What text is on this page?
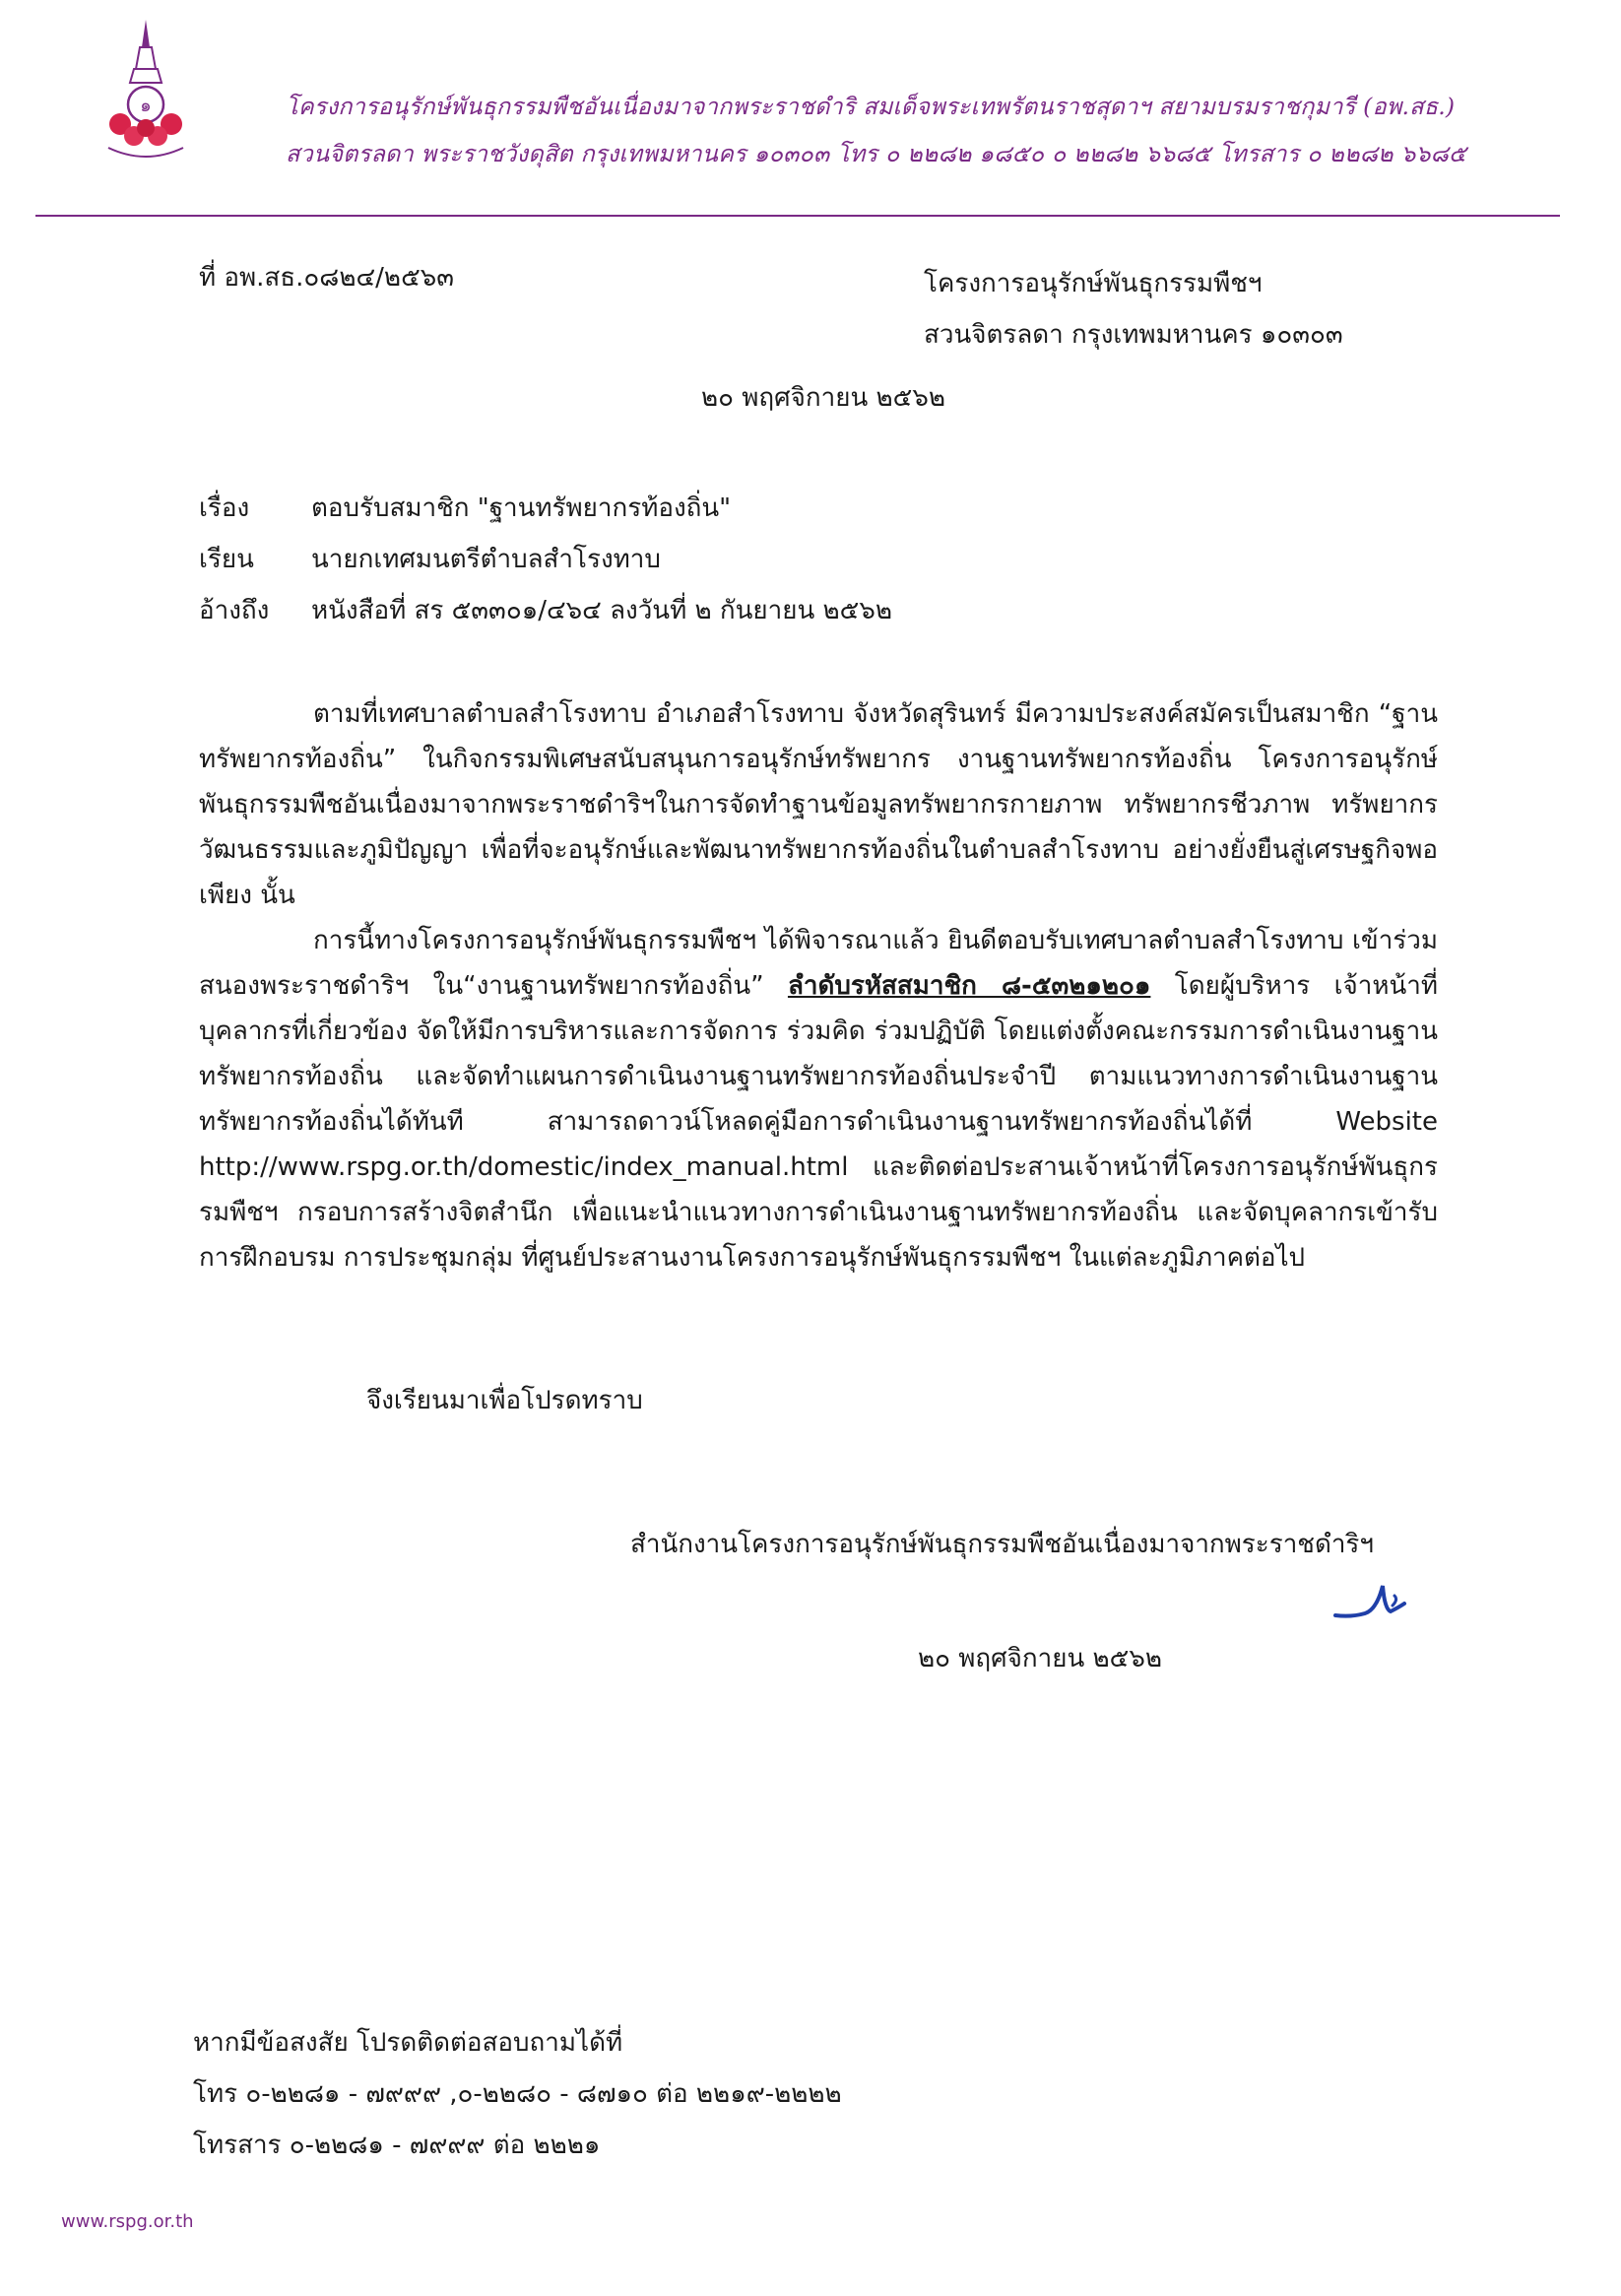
๑	โครงการอนุรักษ์พันธุกรรมพืชอันเนื่องมาจากพระราชดำริ สมเด็จพระเทพรัตนราชสุดาฯ สยามบรมราชกุมารี (อพ.สธ.)
สวนจิตรลดา พระราชวังดุสิต กรุงเทพมหานคร ๑๐๓๐๓ โทร ๐ ๒๒๘๒ ๑๘๕๐ ๐ ๒๒๘๒ ๖๖๘๕ โทรสาร ๐ ๒๒๘๒ ๖๖๘๕
ที่ อพ.สธ.๐๘๒๔/๒๕๖๓	โครงการอนุรักษ์พันธุกรรมพืชฯ
สวนจิตรลดา กรุงเทพมหานคร ๑๐๓๐๓
๒๐ พฤศจิกายน ๒๕๖๒
เรื่อง	ตอบรับสมาชิก "ฐานทรัพยากรท้องถิ่น"
เรียน	นายกเทศมนตรีตำบลสำโรงทาบ
อ้างถึง	หนังสือที่ สร ๕๓๓๐๑/๔๖๔ ลงวันที่ ๒ กันยายน ๒๕๖๒

ตามที่เทศบาลตำบลสำโรงทาบ อำเภอสำโรงทาบ จังหวัดสุรินทร์ มีความประสงค์สมัครเป็นสมาชิก “ฐานทรัพยากรท้องถิ่น” ในกิจกรรมพิเศษสนับสนุนการอนุรักษ์ทรัพยากร งานฐานทรัพยากรท้องถิ่น โครงการอนุรักษ์พันธุกรรมพืชอันเนื่องมาจากพระราชดำริฯในการจัดทำฐานข้อมูลทรัพยากรกายภาพ ทรัพยากรชีวภาพ ทรัพยากรวัฒนธรรมและภูมิปัญญา เพื่อที่จะอนุรักษ์และพัฒนาทรัพยากรท้องถิ่นในตำบลสำโรงทาบ อย่างยั่งยืนสู่เศรษฐกิจพอเพียง นั้น

การนี้ทางโครงการอนุรักษ์พันธุกรรมพืชฯ ได้พิจารณาแล้ว ยินดีตอบรับเทศบาลตำบลสำโรงทาบ เข้าร่วมสนองพระราชดำริฯ ใน“งานฐานทรัพยากรท้องถิ่น” ลำดับรหัสสมาชิก ๘-๕๓๒๑๒๐๑ โดยผู้บริหาร เจ้าหน้าที่ บุคลากรที่เกี่ยวข้อง จัดให้มีการบริหารและการจัดการ ร่วมคิด ร่วมปฏิบัติ โดยแต่งตั้งคณะกรรมการดำเนินงานฐานทรัพยากรท้องถิ่น และจัดทำแผนการดำเนินงานฐานทรัพยากรท้องถิ่นประจำปี ตามแนวทางการดำเนินงานฐานทรัพยากรท้องถิ่นได้ทันที สามารถดาวน์โหลดคู่มือการดำเนินงานฐานทรัพยากรท้องถิ่นได้ที่ Website http://www.rspg.or.th/domestic/index_manual.html และติดต่อประสานเจ้าหน้าที่โครงการอนุรักษ์พันธุกรรมพืชฯ กรอบการสร้างจิตสำนึก เพื่อแนะนำแนวทางการดำเนินงานฐานทรัพยากรท้องถิ่น และจัดบุคลากรเข้ารับการฝึกอบรม การประชุมกลุ่ม ที่ศูนย์ประสานงานโครงการอนุรักษ์พันธุกรรมพืชฯ ในแต่ละภูมิภาคต่อไป

จึงเรียนมาเพื่อโปรดทราบ
สำนักงานโครงการอนุรักษ์พันธุกรรมพืชอันเนื่องมาจากพระราชดำริฯ
๒๐ พฤศจิกายน ๒๕๖๒
หากมีข้อสงสัย โปรดติดต่อสอบถามได้ที่
โทร ๐-๒๒๘๑ - ๗๙๙๙ ,๐-๒๒๘๐ - ๘๗๑๐ ต่อ ๒๒๑๙-๒๒๒๒
โทรสาร ๐-๒๒๘๑ - ๗๙๙๙ ต่อ ๒๒๒๑
www.rspg.or.th
